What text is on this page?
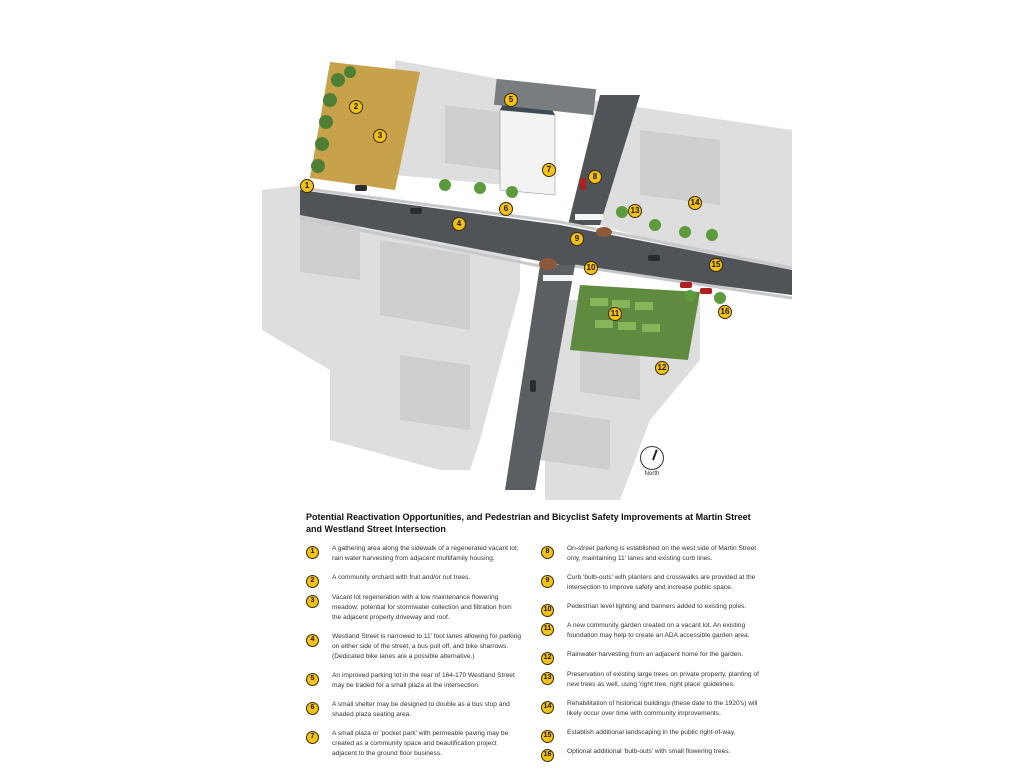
1
2
3
4
5
6
7
8
9
10
11
12
13
14
15
16
North
Potential Reactivation Opportunities, and Pedestrian and Bicyclist Safety Improvements at Martin Street and Westland Street Intersection
1	A gathering area along the sidewalk of a regenerated vacant lot; rain water harvesting from adjacent multifamily housing.
2	A community orchard with fruit and/or nut trees.
3	Vacant lot regeneration with a low maintenance flowering meadow; potential for stormwater collection and filtration from the adjacent property driveway and roof.
4	Westland Street is narrowed to 11' foot lanes allowing for parking on either side of the street, a bus pull off, and bike sharrows. (Dedicated bike lanes are a possible alternative.)
5	An improved parking lot in the rear of 164-170 Westland Street may be traded for a small plaza at the intersection.
6	A small shelter may be designed to double as a bus stop and shaded plaza seating area.
7	A small plaza or 'pocket park' with permeable paving may be created as a community space and beautification project adjacent to the ground floor business.
8	On-street parking is established on the west side of Martin Street only, maintaining 11' lanes and existing curb lines.
9	Curb 'bulb-outs' with planters and crosswalks are provided at the intersection to improve safety and increase public space.
10	Pedestrian level lighting and banners added to existing poles.
11	A new community garden created on a vacant lot. An existing foundation may help to create an ADA accessible garden area.
12	Rainwater harvesting from an adjacent home for the garden.
13	Preservation of existing large trees on private property, planting of new trees as well, using 'right tree, right place' guidelines.
14	Rehabilitation of historical buildings (these date to the 1920's) will likely occur over time with community improvements.
15	Establish additional landscaping in the public right-of-way.
16	Optional additional 'bulb-outs' with small flowering trees.
